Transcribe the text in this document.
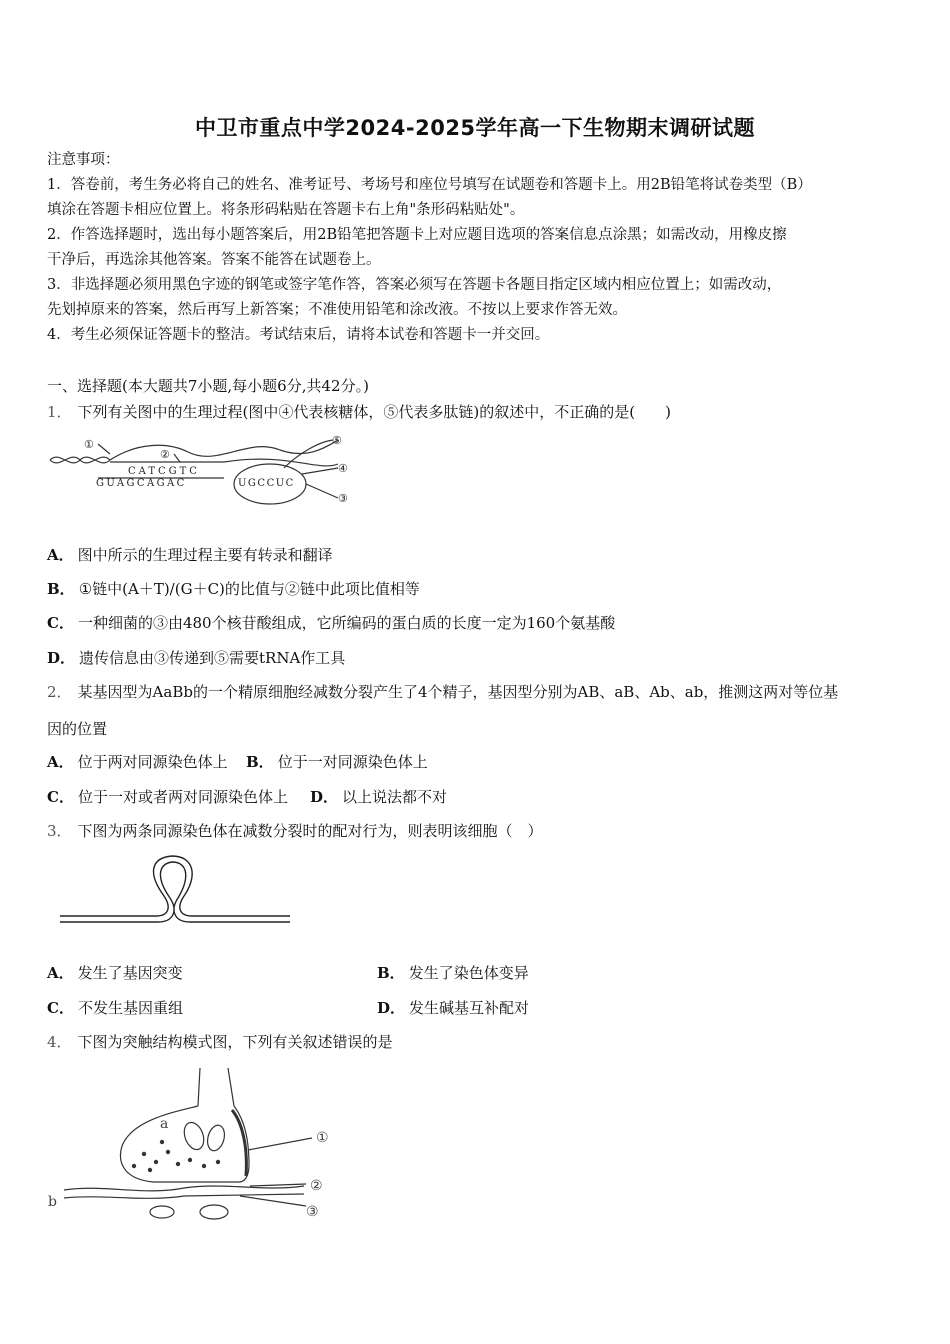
中卫市重点中学2024-2025学年高一下生物期末调研试题
注意事项：
1．答卷前，考生务必将自己的姓名、准考证号、考场号和座位号填写在试题卷和答题卡上。用2B铅笔将试卷类型（B）
填涂在答题卡相应位置上。将条形码粘贴在答题卡右上角"条形码粘贴处"。
2．作答选择题时，选出每小题答案后，用2B铅笔把答题卡上对应题目选项的答案信息点涂黑；如需改动，用橡皮擦
干净后，再选涂其他答案。答案不能答在试题卷上。
3．非选择题必须用黑色字迹的钢笔或签字笔作答，答案必须写在答题卡各题目指定区域内相应位置上；如需改动，
先划掉原来的答案，然后再写上新答案；不准使用铅笔和涂改液。不按以上要求作答无效。
4．考生必须保证答题卡的整洁。考试结束后，请将本试卷和答题卡一并交回。
一、选择题(本大题共7小题,每小题6分,共42分。)
1． 下列有关图中的生理过程(图中④代表核糖体，⑤代表多肽链)的叙述中，不正确的是(　　)
①
②
⑤
④
③
CATCGTC
GUAGCAGAC	UGCCUC
A． 图中所示的生理过程主要有转录和翻译
B． ①链中(A＋T)/(G＋C)的比值与②链中此项比值相等
C． 一种细菌的③由480个核苷酸组成，它所编码的蛋白质的长度一定为160个氨基酸
D． 遗传信息由③传递到⑤需要tRNA作工具
2． 某基因型为AaBb的一个精原细胞经减数分裂产生了4个精子，基因型分别为AB、aB、Ab、ab，推测这两对等位基
因的位置
A． 位于两对同源染色体上 B． 位于一对同源染色体上
C． 位于一对或者两对同源染色体上 D． 以上说法都不对
3． 下图为两条同源染色体在减数分裂时的配对行为，则表明该细胞（　）
A． 发生了基因突变	B． 发生了染色体变异
C． 不发生基因重组	D． 发生碱基互补配对
4． 下图为突触结构模式图，下列有关叙述错误的是
a
①
②
b
③
